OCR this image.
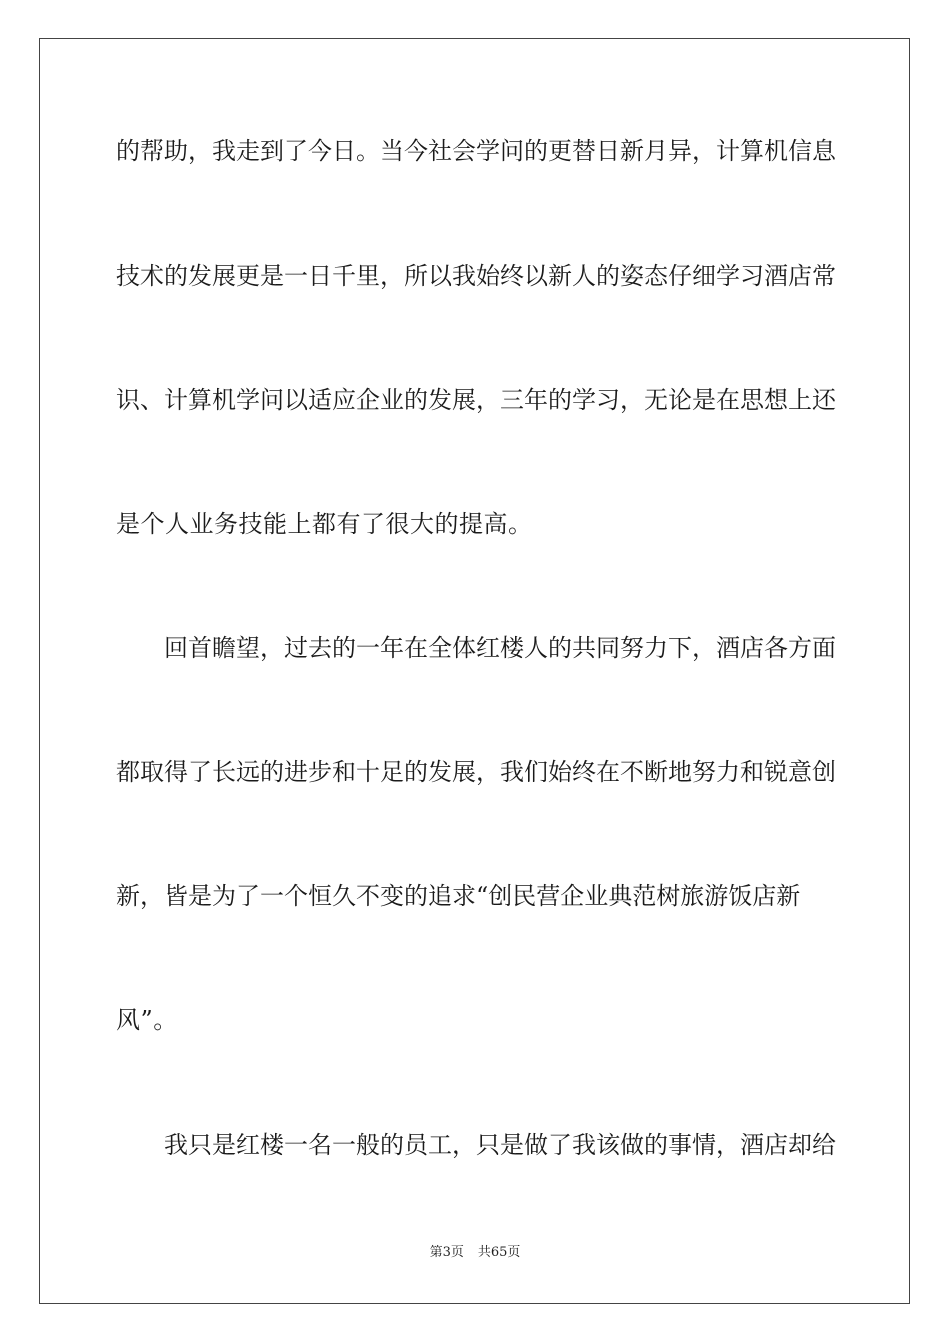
的帮助，我走到了今日。当今社会学问的更替日新月异，计算机信息
技术的发展更是一日千里，所以我始终以新人的姿态仔细学习酒店常
识、计算机学问以适应企业的发展，三年的学习，无论是在思想上还
是个人业务技能上都有了很大的提高。
回首瞻望，过去的一年在全体红楼人的共同努力下，酒店各方面
都取得了长远的进步和十足的发展，我们始终在不断地努力和锐意创
新，皆是为了一个恒久不变的追求“创民营企业典范树旅游饭店新
风”。
我只是红楼一名一般的员工，只是做了我该做的事情，酒店却给
第3页 共65页
